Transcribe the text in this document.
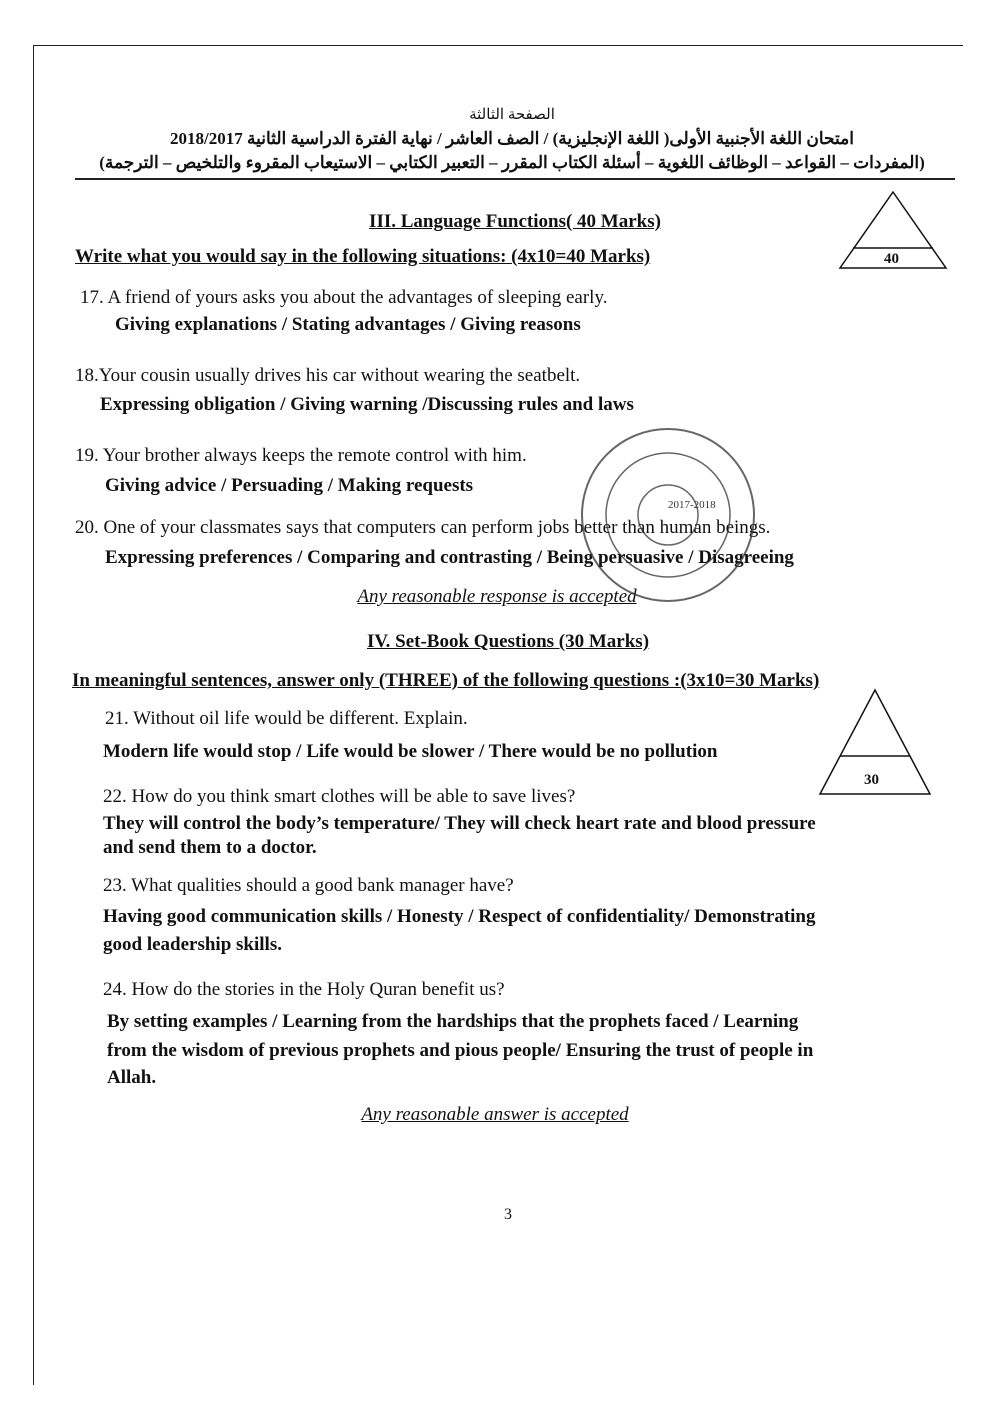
الصفحة الثالثة
امتحان اللغة الأجنبية الأولى( اللغة الإنجليزية) / الصف العاشر / نهاية الفترة الدراسية الثانية 2018/2017
(المفردات – القواعد – الوظائف اللغوية – أسئلة الكتاب المقرر – التعبير الكتابي – الاستيعاب المقروء والتلخيص – الترجمة)
III. Language Functions( 40 Marks)
Write what you would say in the following situations: (4x10=40 Marks)	40
17. A friend of yours asks you about the advantages of sleeping early.
Giving explanations / Stating advantages / Giving reasons
18.Your cousin usually drives his car without wearing the seatbelt.
Expressing obligation / Giving warning /Discussing rules and laws
19. Your brother always keeps the remote control with him.
Giving advice / Persuading / Making requests
20. One of your classmates says that computers can perform jobs better than human beings.
Expressing preferences / Comparing and contrasting / Being persuasive / Disagreeing
Any reasonable response is accepted
2017-2018
IV. Set-Book Questions (30 Marks)
In meaningful sentences, answer only (THREE) of the following questions :(3x10=30 Marks)
30
21. Without oil life would be different. Explain.
Modern life would stop / Life would be slower / There would be no pollution
22. How do you think smart clothes will be able to save lives?
They will control the body’s temperature/ They will check heart rate and blood pressure
and send them to a doctor.
23. What qualities should a good bank manager have?
Having good communication skills / Honesty / Respect of confidentiality/ Demonstrating
good leadership skills.
24. How do the stories in the Holy Quran benefit us?
By setting examples / Learning from the hardships that the prophets faced / Learning
from the wisdom of previous prophets and pious people/ Ensuring the trust of people in
Allah.
Any reasonable answer is accepted
3
